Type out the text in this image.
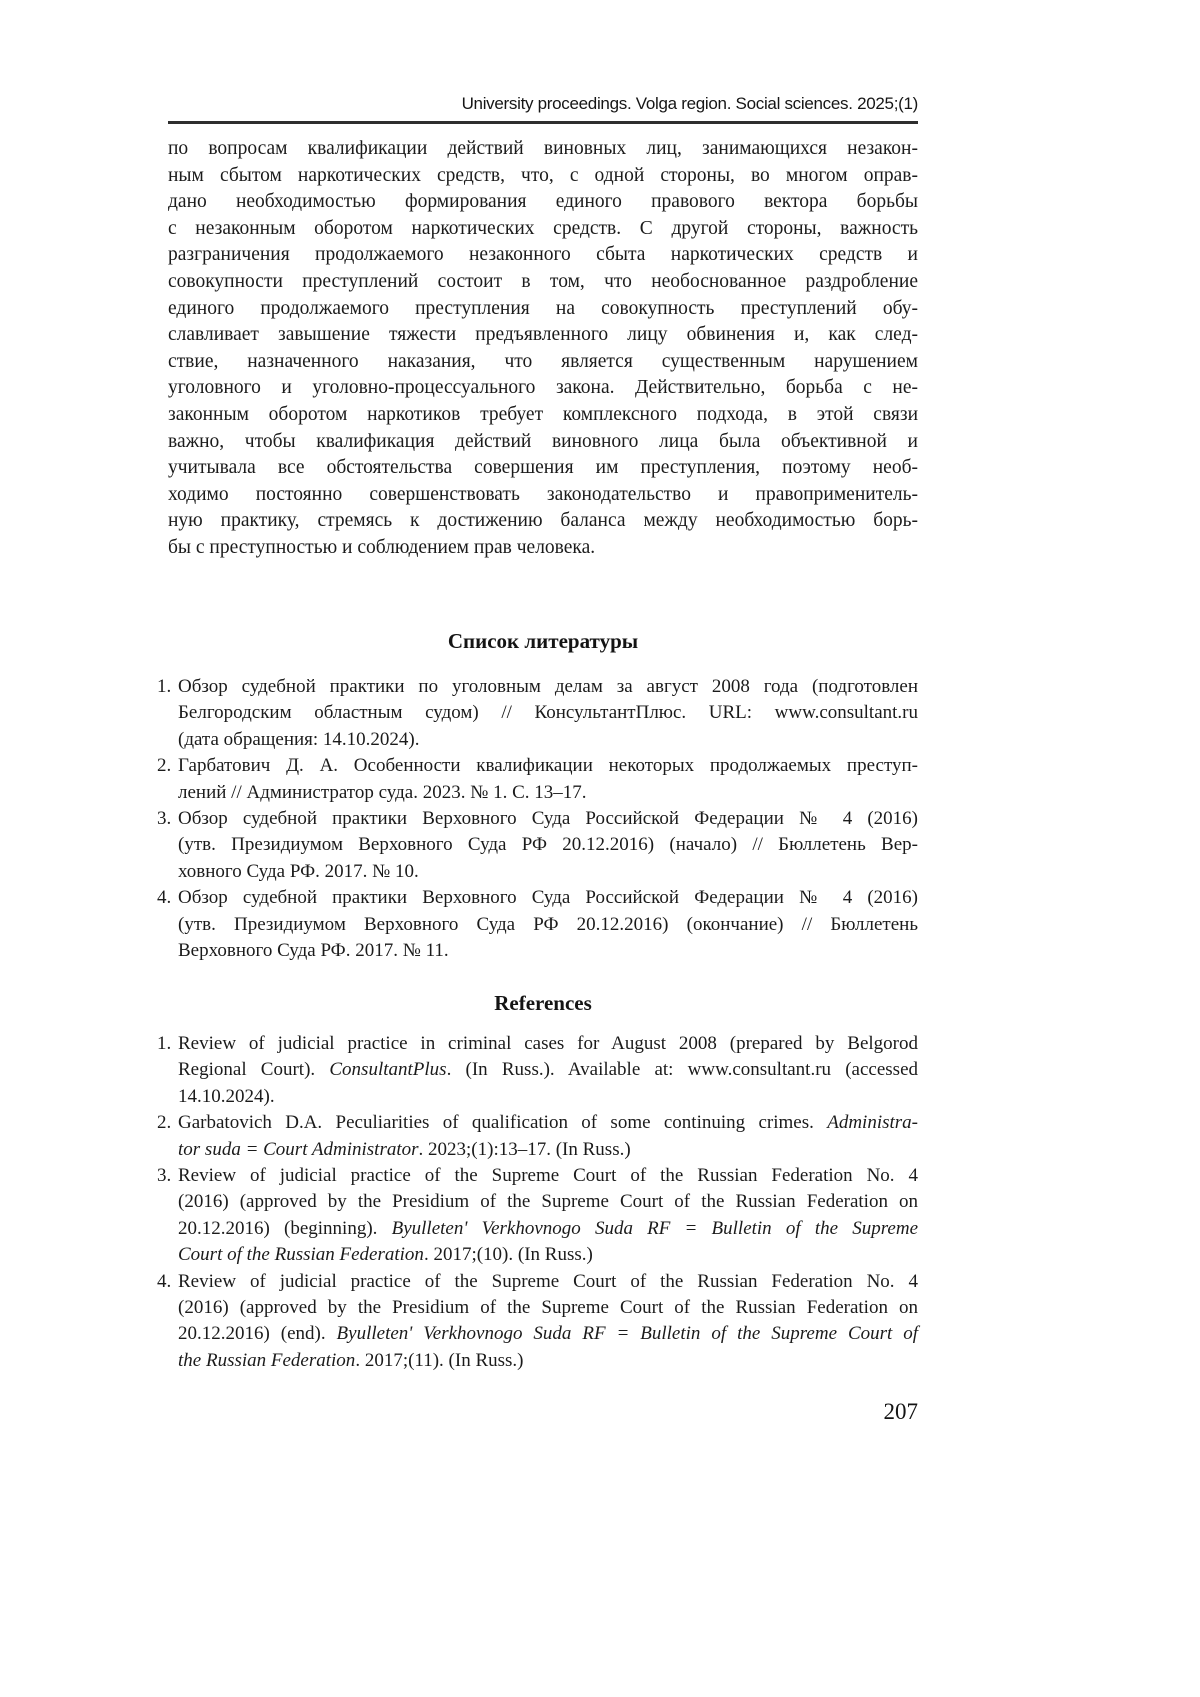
University proceedings. Volga region. Social sciences. 2025;(1)
по вопросам квалификации действий виновных лиц, занимающихся незакон-
ным сбытом наркотических средств, что, с одной стороны, во многом оправ-
дано необходимостью формирования единого правового вектора борьбы
с незаконным оборотом наркотических средств. С другой стороны, важность
разграничения продолжаемого незаконного сбыта наркотических средств и
совокупности преступлений состоит в том, что необоснованное раздробление
единого продолжаемого преступления на совокупность преступлений обу-
славливает завышение тяжести предъявленного лицу обвинения и, как след-
ствие, назначенного наказания, что является существенным нарушением
уголовного и уголовно-процессуального закона. Действительно, борьба с не-
законным оборотом наркотиков требует комплексного подхода, в этой связи
важно, чтобы квалификация действий виновного лица была объективной и
учитывала все обстоятельства совершения им преступления, поэтому необ-
ходимо постоянно совершенствовать законодательство и правоприменитель-
ную практику, стремясь к достижению баланса между необходимостью борь-
бы с преступностью и соблюдением прав человека.
Список литературы
1. Обзор судебной практики по уголовным делам за август 2008 года (подготовлен
Белгородским областным судом) // КонсультантПлюс. URL: www.consultant.ru
(дата обращения: 14.10.2024).
2. Гарбатович Д. А. Особенности квалификации некоторых продолжаемых преступ-
лений // Администратор суда. 2023. № 1. С. 13–17.
3. Обзор судебной практики Верховного Суда Российской Федерации № 4 (2016)
(утв. Президиумом Верховного Суда РФ 20.12.2016) (начало) // Бюллетень Вер-
ховного Суда РФ. 2017. № 10.
4. Обзор судебной практики Верховного Суда Российской Федерации № 4 (2016)
(утв. Президиумом Верховного Суда РФ 20.12.2016) (окончание) // Бюллетень
Верховного Суда РФ. 2017. № 11.
References
1. Review of judicial practice in criminal cases for August 2008 (prepared by Belgorod
Regional Court). ConsultantPlus. (In Russ.). Available at: www.consultant.ru (accessed
14.10.2024).
2. Garbatovich D.A. Peculiarities of qualification of some continuing crimes. Administra-
tor suda = Court Administrator. 2023;(1):13–17. (In Russ.)
3. Review of judicial practice of the Supreme Court of the Russian Federation No. 4
(2016) (approved by the Presidium of the Supreme Court of the Russian Federation on
20.12.2016) (beginning). Byulleten' Verkhovnogo Suda RF = Bulletin of the Supreme
Court of the Russian Federation. 2017;(10). (In Russ.)
4. Review of judicial practice of the Supreme Court of the Russian Federation No. 4
(2016) (approved by the Presidium of the Supreme Court of the Russian Federation on
20.12.2016) (end). Byulleten' Verkhovnogo Suda RF = Bulletin of the Supreme Court of
the Russian Federation. 2017;(11). (In Russ.)
207
